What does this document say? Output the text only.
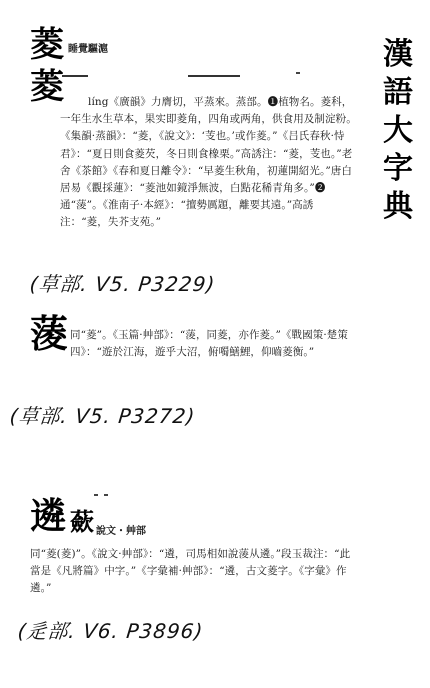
漢
語
大
字
典
菱 睡覺驅滬
菱	líng《廣韻》力膺切，平蒸來。蒸部。❶植物名。菱科，一年生水生草本，果实即菱角，四角或两角，供食用及制淀粉。《集韻·蒸韻》：“菱，《說文》：‘芰也。’或作菱。”《吕氏春秋·恃君》：“夏日則食菱芡，冬日則食橡栗。”高誘注：“菱，芰也。”老舍《茶館》《春和夏日離令》：“早菱生秋角，初蓮開紹光。”唐白居易《觀採蓮》：“菱池如鏡淨無波，白點花稀青角多。”❷通“蔆”。《淮南子·本經》：“擅勢厲題，離要其遠。”高誘注：“菱，失芥支苑。”
(草部. V5. P3229)
蔆 同“菱”。《玉篇·艸部》：“蔆，同菱，亦作菱。”《戰國策·楚策四》：“遊於江海，遊乎大沼，俯噣鱔鯉，仰嚙菱衡。”
(草部. V5. P3272)
遴 蘝 說文・艸部
同“菱(菱)”。《說文·艸部》：“遴，司馬相如說蔆从遴。”段玉裁注：“此當是《凡將篇》中字。”《字彙補·艸部》：“遴，古文菱字。《字彙》作遴。”
(辵部. V6. P3896)
